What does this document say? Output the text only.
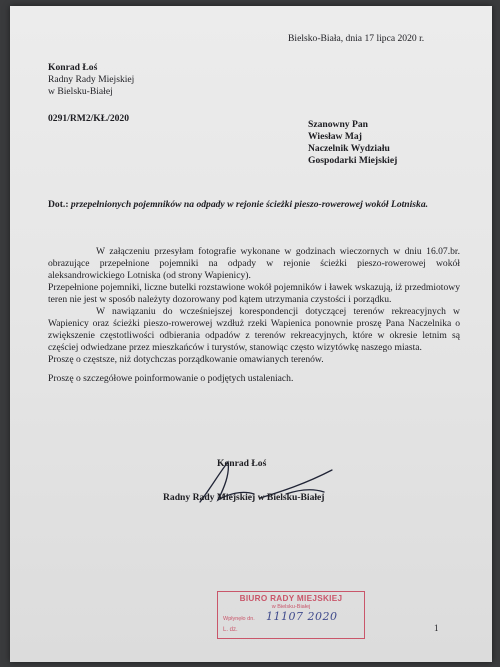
Bielsko-Biała, dnia 17 lipca 2020 r.
Konrad Łoś
Radny Rady Miejskiej
w Bielsku-Białej
0291/RM2/KŁ/2020
Szanowny Pan
Wiesław Maj
Naczelnik Wydziału
Gospodarki Miejskiej
Dot.: przepełnionych pojemników na odpady w rejonie ścieżki pieszo-rowerowej wokół Lotniska.

W załączeniu przesyłam fotografie wykonane w godzinach wieczornych w dniu 16.07.br. obrazujące przepełnione pojemniki na odpady w rejonie ścieżki pieszo-rowerowej wokół aleksandrowickiego Lotniska (od strony Wapienicy).

Przepełnione pojemniki, liczne butelki rozstawione wokół pojemników i ławek wskazują, iż przedmiotowy teren nie jest w sposób należyty dozorowany pod kątem utrzymania czystości i porządku.

W nawiązaniu do wcześniejszej korespondencji dotyczącej terenów rekreacyjnych w Wapienicy oraz ścieżki pieszo-rowerowej wzdłuż rzeki Wapienica ponownie proszę Pana Naczelnika o zwiększenie częstotliwości odbierania odpadów z terenów rekreacyjnych, które w okresie letnim są częściej odwiedzane przez mieszkańców i turystów, stanowiąc często wizytówkę naszego miasta.

Proszę o częstsze, niż dotychczas porządkowanie omawianych terenów.

Proszę o szczegółowe poinformowanie o podjętych ustaleniach.
Konrad Łoś
Radny Rady Miejskiej w Bielsku-Białej
BIURO RADY MIEJSKIEJ
w Bielsku-Białej
Wpłynęło dn. 11107 2020
L. dz.	1
